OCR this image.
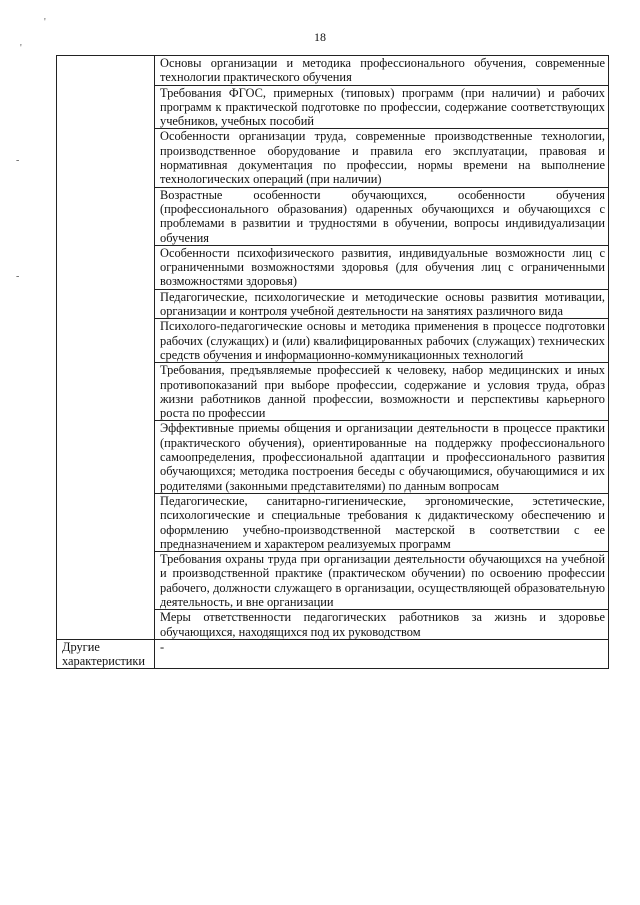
'
'
-
-
18

	Основы организации и методика профессионального обучения, современные технологии практического обучения

	Требования ФГОС, примерных (типовых) программ (при наличии) и рабочих программ к практической подготовке по профессии, содержание соответствующих учебников, учебных пособий

	Особенности организации труда, современные производственные технологии, производственное оборудование и правила его эксплуатации, правовая и нормативная документация по профессии, нормы времени на выполнение технологических операций (при наличии)

	Возрастные особенности обучающихся, особенности обучения (профессионального образования) одаренных обучающихся и обучающихся с проблемами в развитии и трудностями в обучении, вопросы индивидуализации обучения

	Особенности психофизического развития, индивидуальные возможности лиц с ограниченными возможностями здоровья (для обучения лиц с ограниченными возможностями здоровья)

	Педагогические, психологические и методические основы развития мотивации, организации и контроля учебной деятельности на занятиях различного вида

	Психолого-педагогические основы и методика применения в процессе подготовки рабочих (служащих) и (или) квалифицированных рабочих (служащих) технических средств обучения и информационно-коммуникационных технологий

	Требования, предъявляемые профессией к человеку, набор медицинских и иных противопоказаний при выборе профессии, содержание и условия труда, образ жизни работников данной профессии, возможности и перспективы карьерного роста по профессии

	Эффективные приемы общения и организации деятельности в процессе практики (практического обучения), ориентированные на поддержку профессионального самоопределения, профессиональной адаптации и профессионального развития обучающихся; методика построения беседы с обучающимися, обучающимися и их родителями (законными представителями) по данным вопросам

	Педагогические, санитарно-гигиенические, эргономические, эстетические, психологические и специальные требования к дидактическому обеспечению и оформлению учебно-производственной мастерской в соответствии с ее предназначением и характером реализуемых программ

	Требования охраны труда при организации деятельности обучающихся на учебной и производственной практике (практическом обучении) по освоению профессии рабочего, должности служащего в организации, осуществляющей образовательную деятельность, и вне организации

	Меры ответственности педагогических работников за жизнь и здоровье обучающихся, находящихся под их руководством

Другие характеристики	-
